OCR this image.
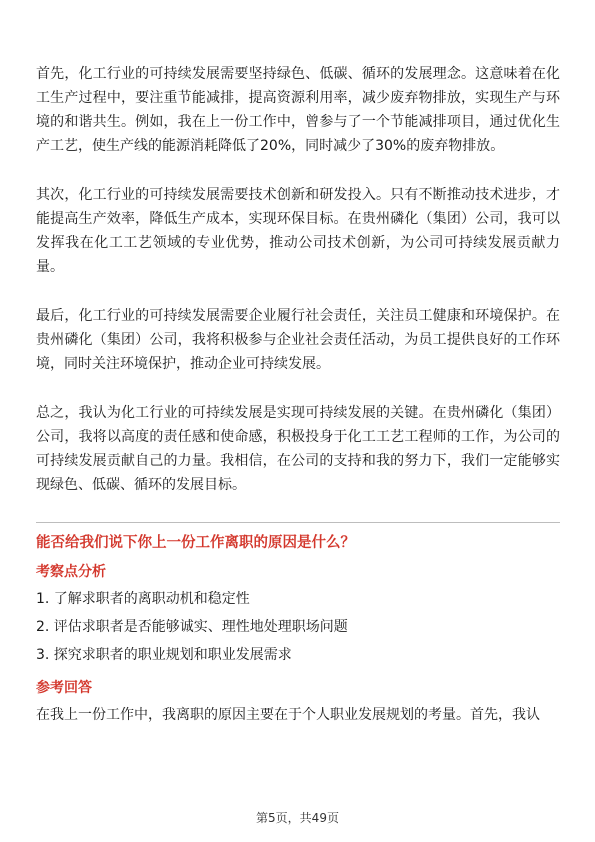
首先，化工行业的可持续发展需要坚持绿色、低碳、循环的发展理念。这意味着在化工生产过程中，要注重节能减排，提高资源利用率，减少废弃物排放，实现生产与环境的和谐共生。例如，我在上一份工作中，曾参与了一个节能减排项目，通过优化生产工艺，使生产线的能源消耗降低了20%，同时减少了30%的废弃物排放。

其次，化工行业的可持续发展需要技术创新和研发投入。只有不断推动技术进步，才能提高生产效率，降低生产成本，实现环保目标。在贵州磷化（集团）公司，我可以发挥我在化工工艺领域的专业优势，推动公司技术创新，为公司可持续发展贡献力量。

最后，化工行业的可持续发展需要企业履行社会责任，关注员工健康和环境保护。在贵州磷化（集团）公司，我将积极参与企业社会责任活动，为员工提供良好的工作环境，同时关注环境保护，推动企业可持续发展。

总之，我认为化工行业的可持续发展是实现可持续发展的关键。在贵州磷化（集团）公司，我将以高度的责任感和使命感，积极投身于化工工艺工程师的工作，为公司的可持续发展贡献自己的力量。我相信，在公司的支持和我的努力下，我们一定能够实现绿色、低碳、循环的发展目标。

能否给我们说下你上一份工作离职的原因是什么？
考察点分析
1. 了解求职者的离职动机和稳定性
2. 评估求职者是否能够诚实、理性地处理职场问题
3. 探究求职者的职业规划和职业发展需求
参考回答

在我上一份工作中，我离职的原因主要在于个人职业发展规划的考量。首先，我认

第5页，共49页
